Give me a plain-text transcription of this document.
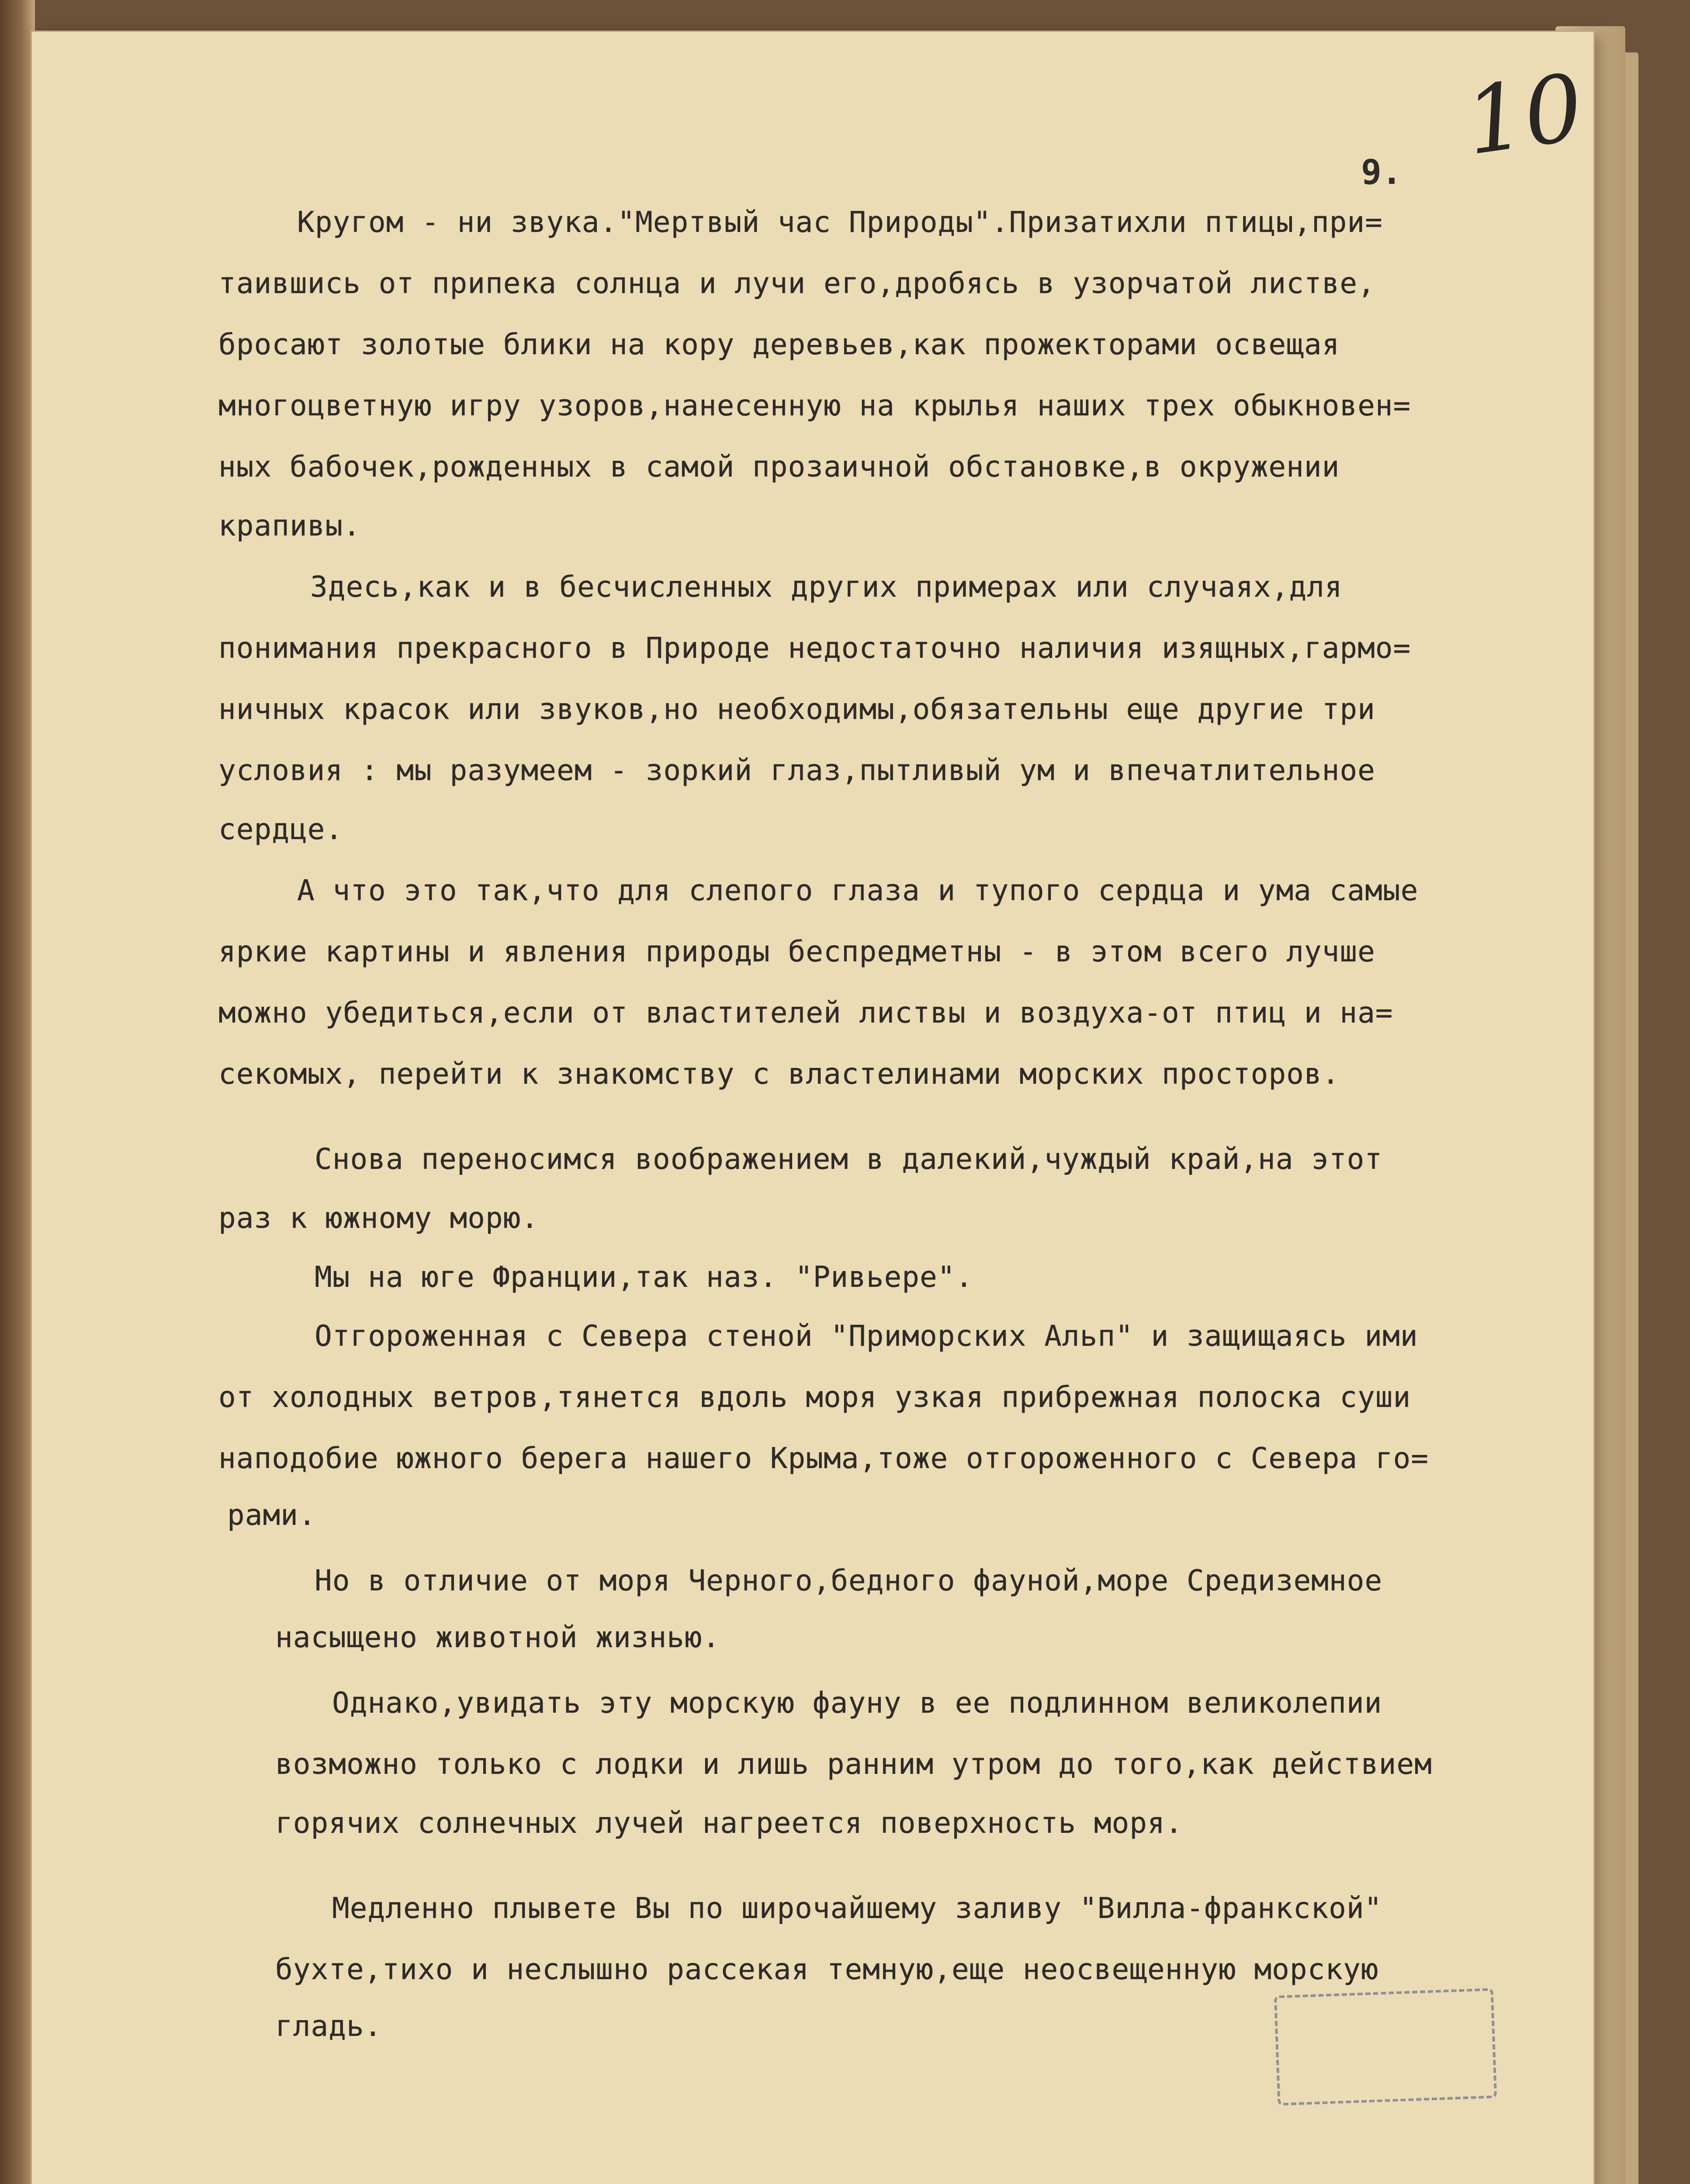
10
9.
Кругом - ни звука."Мертвый час Природы".Призатихли птицы,при=
таившись от припека солнца и лучи его,дробясь в узорчатой листве,
бросают золотые блики на кору деревьев,как прожекторами освещая
многоцветную игру узоров,нанесенную на крылья наших трех обыкновен=
ных бабочек,рожденных в самой прозаичной обстановке,в окружении
крапивы.
Здесь,как и в бесчисленных других примерах или случаях,для
понимания прекрасного в Природе недостаточно наличия изящных,гармо=
ничных красок или звуков,но необходимы,обязательны еще другие три
условия : мы разумеем - зоркий глаз,пытливый ум и впечатлительное
сердце.
А что это так,что для слепого глаза и тупого сердца и ума самые
яркие картины и явления природы беспредметны - в этом всего лучше
можно убедиться,если от властителей листвы и воздуха-от птиц и на=
секомых, перейти к знакомству с властелинами морских просторов.
Снова переносимся воображением в далекий,чуждый край,на этот
раз к южному морю.
Мы на юге Франции,так наз. "Ривьере".
Отгороженная с Севера стеной "Приморских Альп" и защищаясь ими
от холодных ветров,тянется вдоль моря узкая прибрежная полоска суши
наподобие южного берега нашего Крыма,тоже отгороженного с Севера го=
рами.
Но в отличие от моря Черного,бедного фауной,море Средиземное
насыщено животной жизнью.
Однако,увидать эту морскую фауну в ее подлинном великолепии
возможно только с лодки и лишь ранним утром до того,как действием
горячих солнечных лучей нагреется поверхность моря.
Медленно плывете Вы по широчайшему заливу "Вилла-франкской"
бухте,тихо и неслышно рассекая темную,еще неосвещенную морскую
гладь.
